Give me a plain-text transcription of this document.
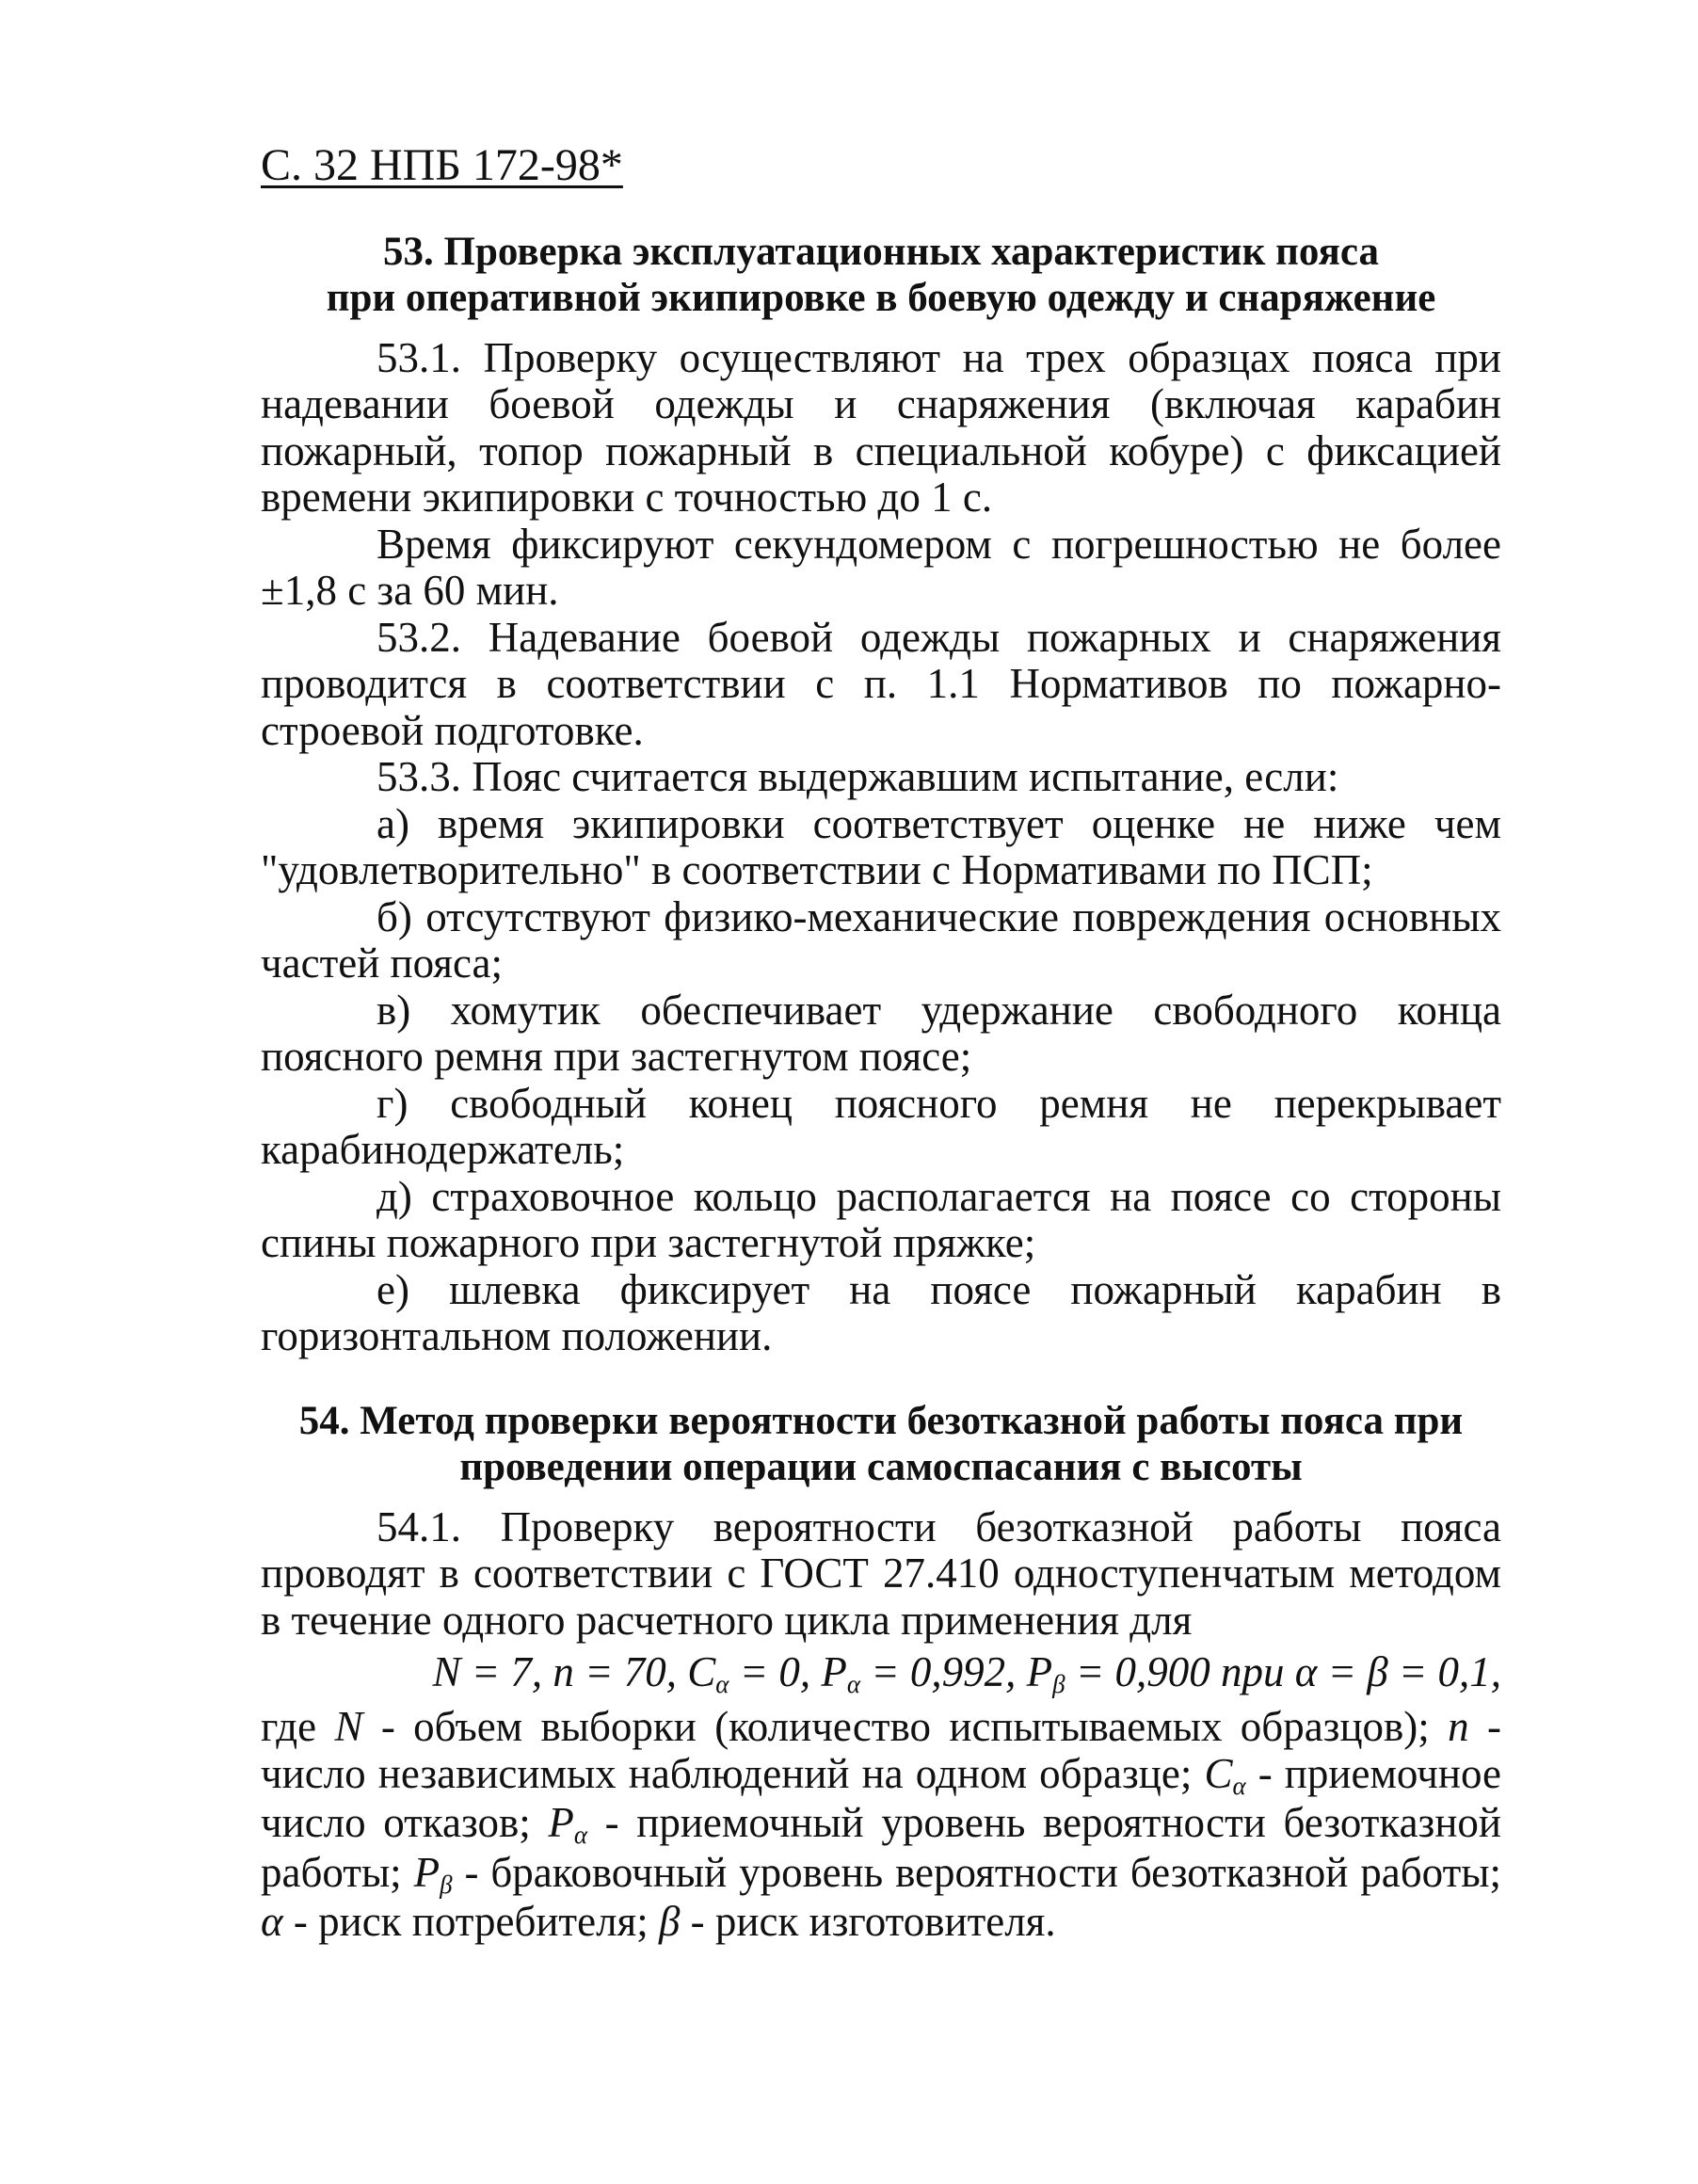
С. 32 НПБ 172-98*
53. Проверка эксплуатационных характеристик пояса
при оперативной экипировке в боевую одежду и снаряжение

53.1. Проверку осуществляют на трех образцах пояса при надевании боевой одежды и снаряжения (включая карабин пожарный, топор пожарный в специальной кобуре) с фиксацией времени экипировки с точностью до 1 с.

Время фиксируют секундомером с погрешностью не более ±1,8 с за 60 мин.

53.2. Надевание боевой одежды пожарных и снаряжения проводится в соответствии с п. 1.1 Нормативов по пожарно-строевой подготовке.

53.3. Пояс считается выдержавшим испытание, если:

а) время экипировки соответствует оценке не ниже чем "удовлетворительно" в соответствии с Нормативами по ПСП;

б) отсутствуют физико-механические повреждения основных частей пояса;

в) хомутик обеспечивает удержание свободного конца поясного ремня при застегнутом поясе;

г) свободный конец поясного ремня не перекрывает карабинодержатель;

д) страховочное кольцо располагается на поясе со стороны спины пожарного при застегнутой пряжке;

е) шлевка фиксирует на поясе пожарный карабин в горизонтальном положении.

54. Метод проверки вероятности безотказной работы пояса при
проведении операции самоспасания с высоты

54.1. Проверку вероятности безотказной работы пояса проводят в соответствии с ГОСТ 27.410 одноступенчатым методом в течение одного расчетного цикла применения для

N = 7, n = 70, $C_\alpha = 0$, $P_\alpha = 0,992$, $P_\beta = 0,900$ при α = β = 0,1,

где N - объем выборки (количество испытываемых образцов); n - число независимых наблюдений на одном образце; $C_\alpha$ - приемочное число отказов; $P_\alpha$ - приемочный уровень вероятности безотказной работы; $P_\beta$ - браковочный уровень вероятности безотказной работы; α - риск потребителя; β - риск изготовителя.
